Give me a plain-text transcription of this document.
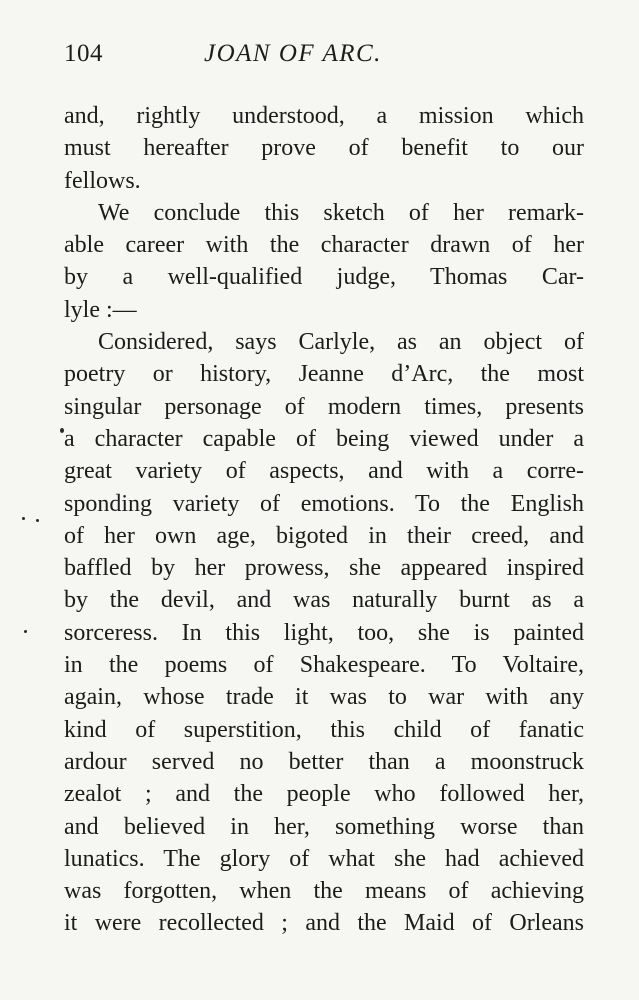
104	JOAN OF ARC.
and, rightly understood, a mission which
must hereafter prove of benefit to our
fellows.
We conclude this sketch of her remark-
able career with the character drawn of her
by a well-qualified judge, Thomas Car-
lyle :—
Considered, says Carlyle, as an object of
poetry or history, Jeanne d’Arc, the most
singular personage of modern times, presents
a character capable of being viewed under a
great variety of aspects, and with a corre-
sponding variety of emotions. To the English
of her own age, bigoted in their creed, and
baffled by her prowess, she appeared inspired
by the devil, and was naturally burnt as a
sorceress. In this light, too, she is painted
in the poems of Shakespeare. To Voltaire,
again, whose trade it was to war with any
kind of superstition, this child of fanatic
ardour served no better than a moonstruck
zealot ; and the people who followed her,
and believed in her, something worse than
lunatics. The glory of what she had achieved
was forgotten, when the means of achieving
it were recollected ; and the Maid of Orleans
